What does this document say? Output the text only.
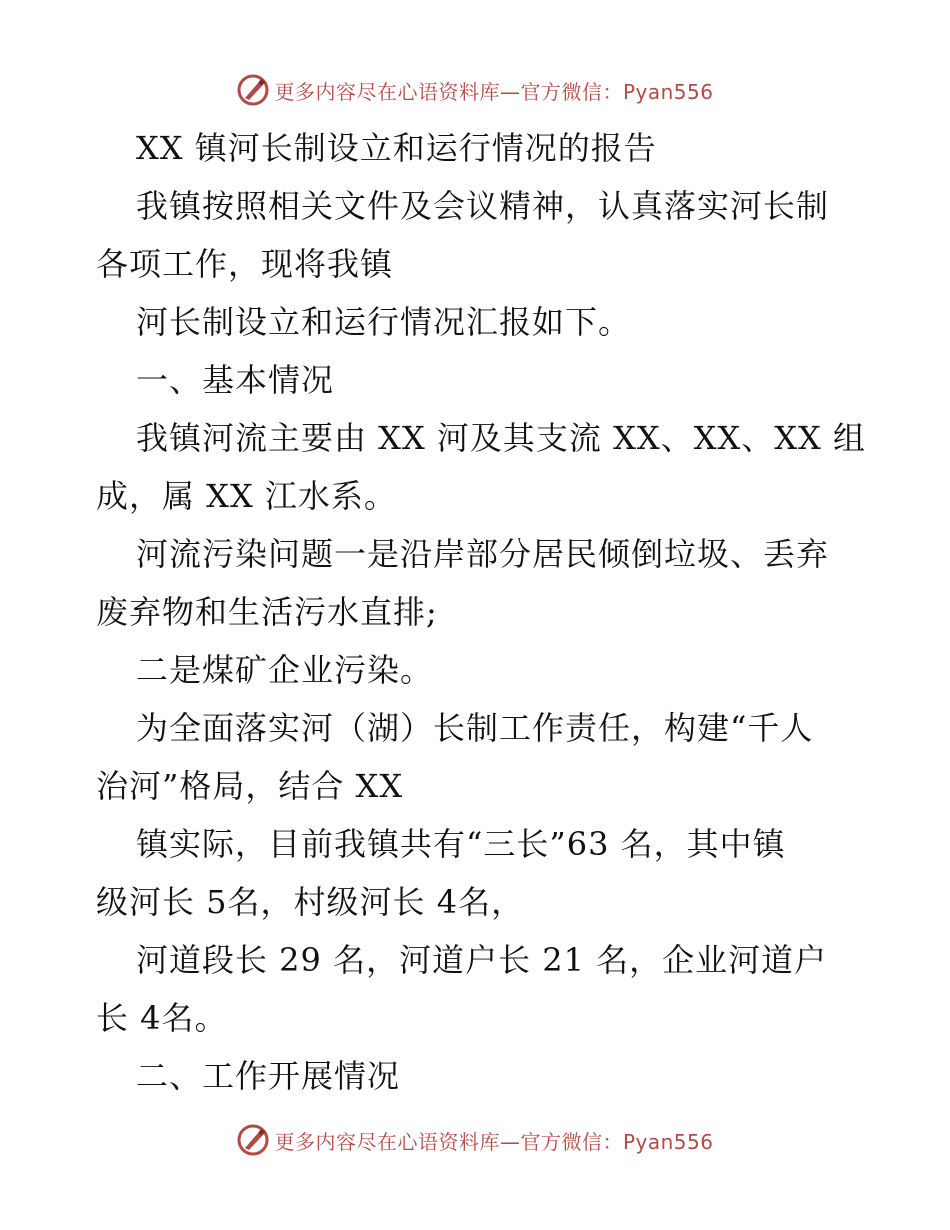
更多内容尽在心语资料库—官方微信：Pyan556
XX 镇河长制设立和运行情况的报告
我镇按照相关文件及会议精神，认真落实河长制
各项工作，现将我镇
河长制设立和运行情况汇报如下。
一、基本情况
我镇河流主要由 XX 河及其支流 XX、XX、XX 组
成，属 XX 江水系。
河流污染问题一是沿岸部分居民倾倒垃圾、丢弃
废弃物和生活污水直排;
二是煤矿企业污染。
为全面落实河（湖）长制工作责任，构建“千人
治河”格局，结合 XX
镇实际，目前我镇共有“三长”63 名，其中镇
级河长 5名，村级河长 4名，
河道段长 29 名，河道户长 21 名，企业河道户
长 4名。
二、工作开展情况
更多内容尽在心语资料库—官方微信：Pyan556
